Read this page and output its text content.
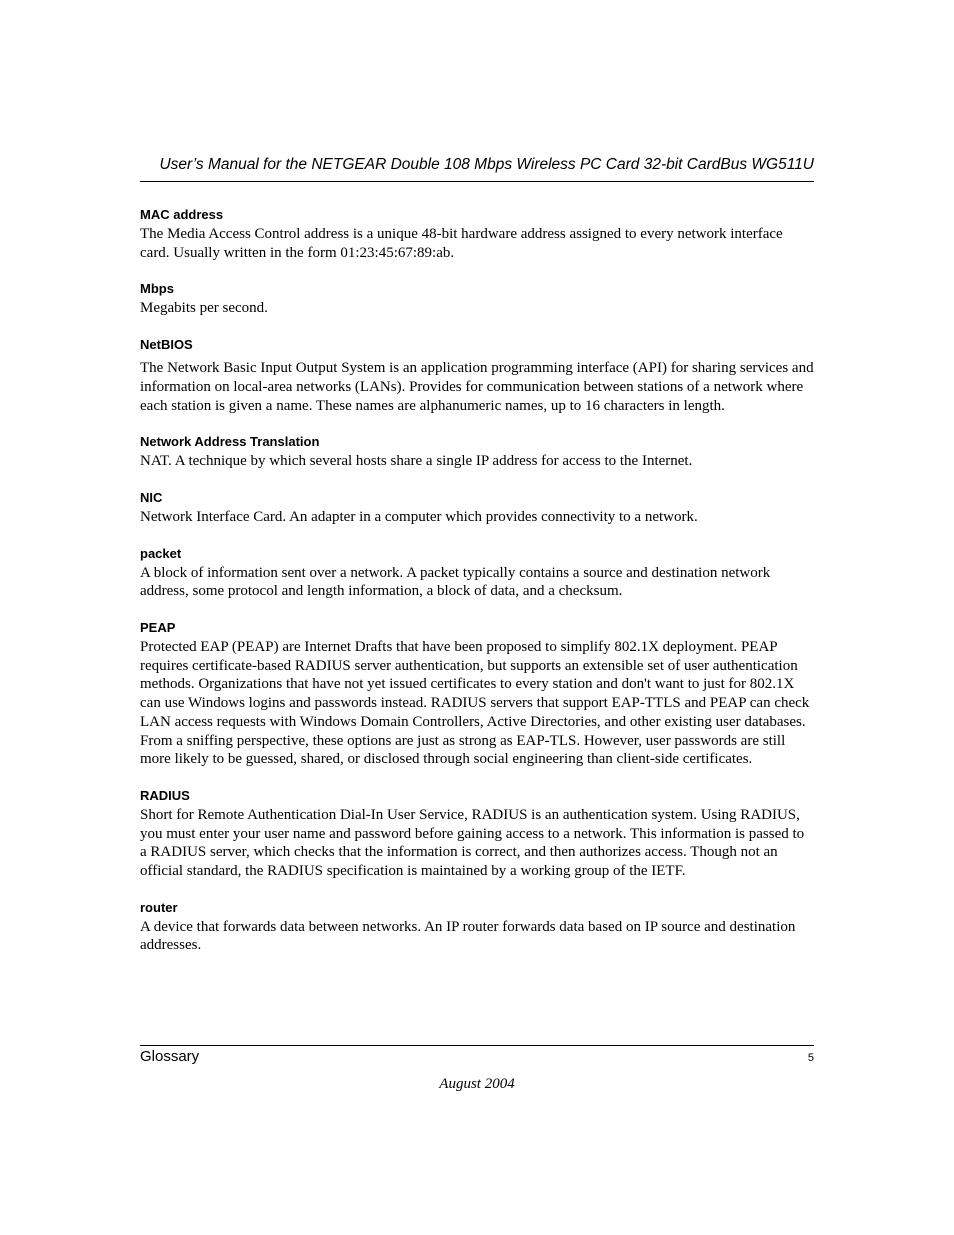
User’s Manual for the NETGEAR Double 108 Mbps Wireless PC Card 32-bit CardBus WG511U
MAC address

The Media Access Control address is a unique 48-bit hardware address assigned to every network interface card. Usually written in the form 01:23:45:67:89:ab.

Mbps

Megabits per second.

NetBIOS

The Network Basic Input Output System is an application programming interface (API) for sharing services and information on local-area networks (LANs). Provides for communication between stations of a network where each station is given a name. These names are alphanumeric names, up to 16 characters in length.

Network Address Translation

NAT. A technique by which several hosts share a single IP address for access to the Internet.

NIC

Network Interface Card. An adapter in a computer which provides connectivity to a network.

packet

A block of information sent over a network. A packet typically contains a source and destination network address, some protocol and length information, a block of data, and a checksum.

PEAP

Protected EAP (PEAP) are Internet Drafts that have been proposed to simplify 802.1X deployment. PEAP requires certificate-based RADIUS server authentication, but supports an extensible set of user authentication methods. Organizations that have not yet issued certificates to every station and don't want to just for 802.1X can use Windows logins and passwords instead. RADIUS servers that support EAP-TTLS and PEAP can check LAN access requests with Windows Domain Controllers, Active Directories, and other existing user databases. From a sniffing perspective, these options are just as strong as EAP-TLS. However, user passwords are still more likely to be guessed, shared, or disclosed through social engineering than client-side certificates.

RADIUS

Short for Remote Authentication Dial-In User Service, RADIUS is an authentication system. Using RADIUS, you must enter your user name and password before gaining access to a network. This information is passed to a RADIUS server, which checks that the information is correct, and then authorizes access. Though not an official standard, the RADIUS specification is maintained by a working group of the IETF.

router

A device that forwards data between networks. An IP router forwards data based on IP source and destination addresses.

Glossary	5
August 2004
